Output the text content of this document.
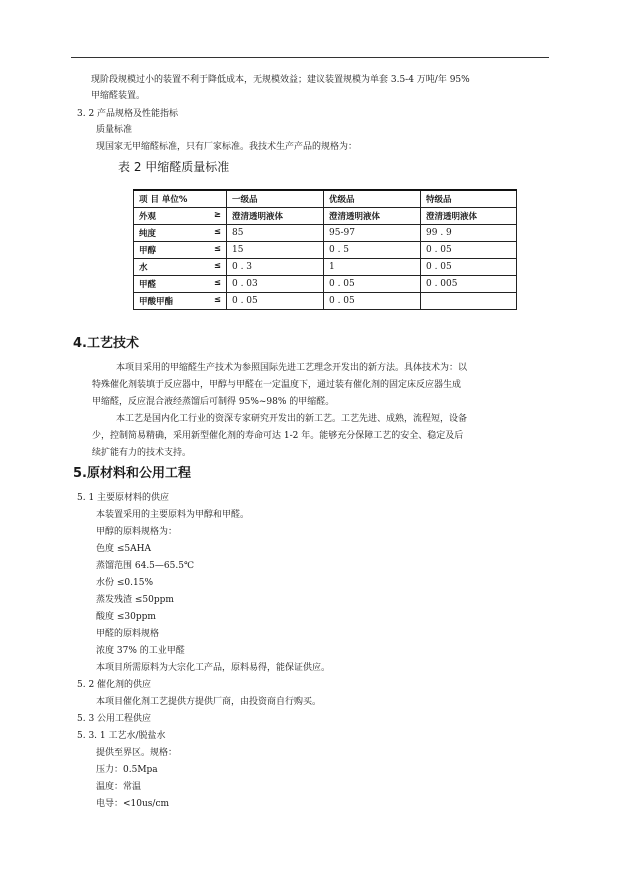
现阶段规模过小的装置不利于降低成本，无规模效益；建议装置规模为单套 3.5-4 万吨/年 95%
甲缩醛装置。
3. 2 产品规格及性能指标
质量标准
现国家无甲缩醛标准，只有厂家标准。我技术生产产品的规格为：
表 2 甲缩醛质量标准
项 目 单位%	一级品	优级品	特级品

外观 ≥	澄清透明液体	澄清透明液体	澄清透明液体

纯度 ≤	85	95-97	99 . 9

甲醇 ≤	15	0 . 5	0 . 05

水 ≤	0 . 3	1	0 . 05

甲醛 ≤	0 . 03	0 . 05	0 . 005

甲酸甲酯 ≤	0 . 05	0 . 05	
4.工艺技术
本项目采用的甲缩醛生产技术为参照国际先进工艺理念开发出的新方法。具体技术为：以
特殊催化剂装填于反应器中，甲醇与甲醛在一定温度下，通过装有催化剂的固定床反应器生成
甲缩醛，反应混合液经蒸馏后可制得 95%~98% 的甲缩醛。
本工艺是国内化工行业的资深专家研究开发出的新工艺。工艺先进、成熟，流程短，设备
少，控制简易精确，采用新型催化剂的寿命可达 1-2 年。能够充分保障工艺的安全、稳定及后
续扩能有力的技术支持。
5.原材料和公用工程
5. 1 主要原材料的供应
本装置采用的主要原料为甲醇和甲醛。
甲醇的原料规格为：
色度 ≤5AHA
蒸馏范围 64.5—65.5℃
水份 ≤0.15%
蒸发残渣 ≤50ppm
酸度 ≤30ppm
甲醛的原料规格
浓度 37% 的工业甲醛
本项目所需原料为大宗化工产品，原料易得，能保证供应。
5. 2 催化剂的供应
本项目催化剂工艺提供方提供厂商，由投资商自行购买。
5. 3 公用工程供应
5. 3. 1 工艺水/脱盐水
提供至界区。规格：
压力：0.5Mpa
温度：常温
电导：<10us/cm
